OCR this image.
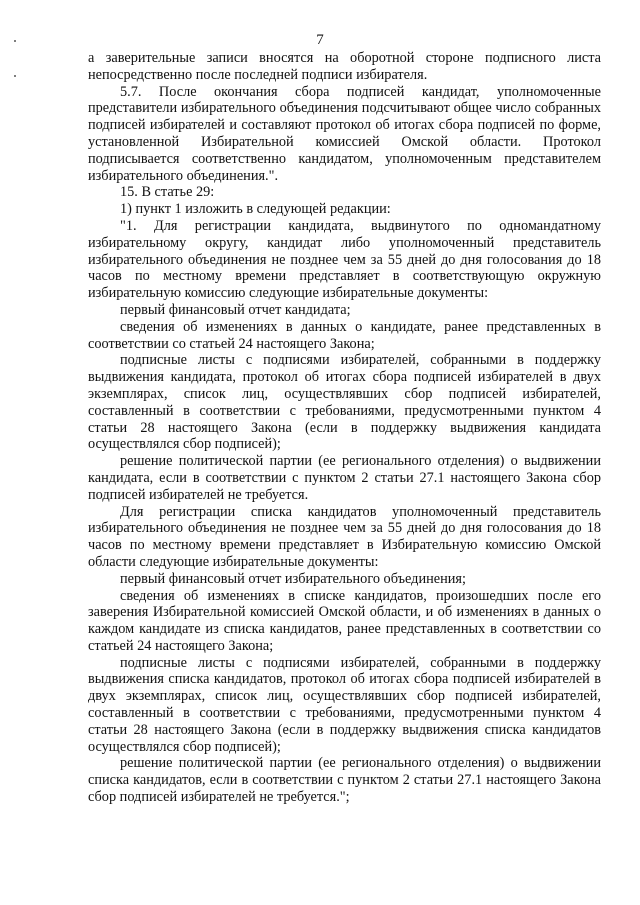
7

а заверительные записи вносятся на оборотной стороне подписного листа непосредственно после последней подписи избирателя.

5.7. После окончания сбора подписей кандидат, уполномоченные представители избирательного объединения подсчитывают общее число собранных подписей избирателей и составляют протокол об итогах сбора подписей по форме, установленной Избирательной комиссией Омской области. Протокол подписывается соответственно кандидатом, уполномоченным представителем избирательного объединения.".

15. В статье 29:

1) пункт 1 изложить в следующей редакции:

"1. Для регистрации кандидата, выдвинутого по одномандатному избирательному округу, кандидат либо уполномоченный представитель избирательного объединения не позднее чем за 55 дней до дня голосования до 18 часов по местному времени представляет в соответствующую окружную избирательную комиссию следующие избирательные документы:

первый финансовый отчет кандидата;

сведения об изменениях в данных о кандидате, ранее представленных в соответствии со статьей 24 настоящего Закона;

подписные листы с подписями избирателей, собранными в поддержку выдвижения кандидата, протокол об итогах сбора подписей избирателей в двух экземплярах, список лиц, осуществлявших сбор подписей избирателей, составленный в соответствии с требованиями, предусмотренными пунктом 4 статьи 28 настоящего Закона (если в поддержку выдвижения кандидата осуществлялся сбор подписей);

решение политической партии (ее регионального отделения) о выдвижении кандидата, если в соответствии с пунктом 2 статьи 27.1 настоящего Закона сбор подписей избирателей не требуется.

Для регистрации списка кандидатов уполномоченный представитель избирательного объединения не позднее чем за 55 дней до дня голосования до 18 часов по местному времени представляет в Избирательную комиссию Омской области следующие избирательные документы:

первый финансовый отчет избирательного объединения;

сведения об изменениях в списке кандидатов, произошедших после его заверения Избирательной комиссией Омской области, и об изменениях в данных о каждом кандидате из списка кандидатов, ранее представленных в соответствии со статьей 24 настоящего Закона;

подписные листы с подписями избирателей, собранными в поддержку выдвижения списка кандидатов, протокол об итогах сбора подписей избирателей в двух экземплярах, список лиц, осуществлявших сбор подписей избирателей, составленный в соответствии с требованиями, предусмотренными пунктом 4 статьи 28 настоящего Закона (если в поддержку выдвижения списка кандидатов осуществлялся сбор подписей);

решение политической партии (ее регионального отделения) о выдвижении списка кандидатов, если в соответствии с пунктом 2 статьи 27.1 настоящего Закона сбор подписей избирателей не требуется.";
